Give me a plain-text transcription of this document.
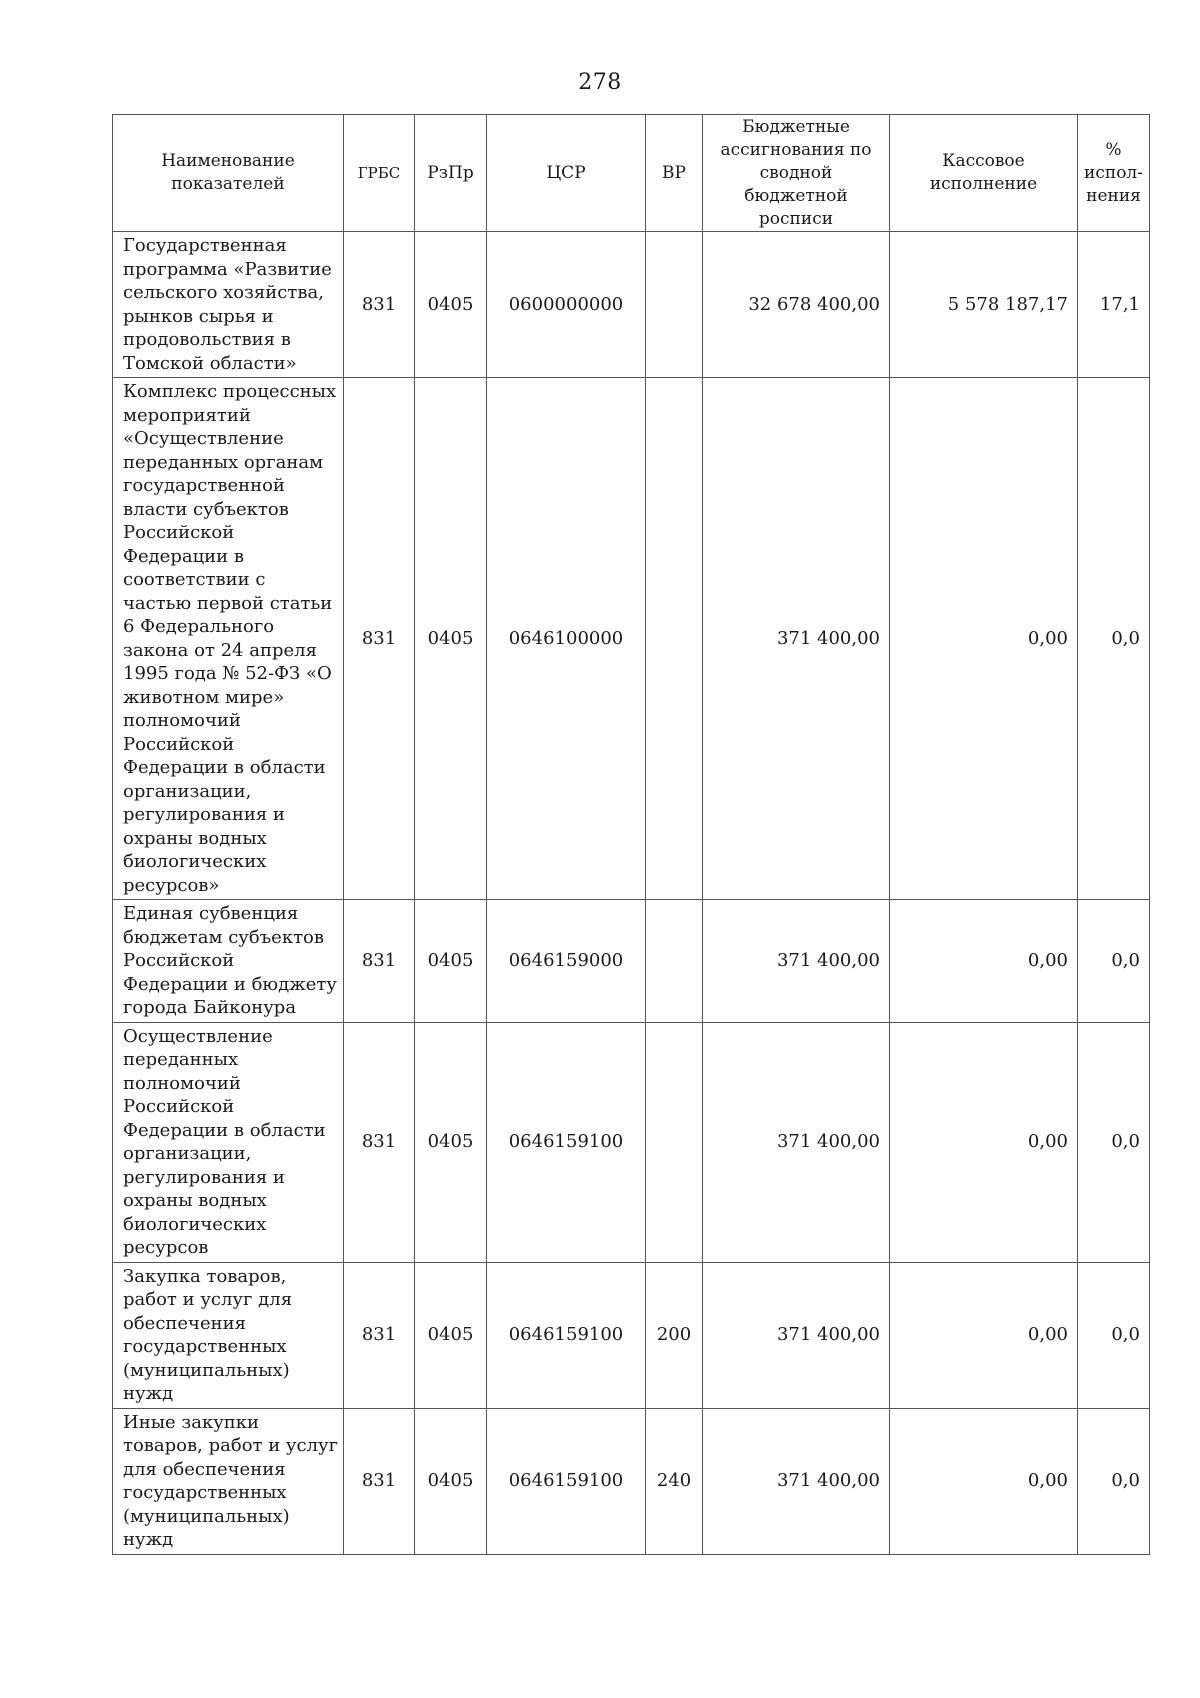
278
Наименование показателей	ГРБС	РзПр	ЦСР	ВР	Бюджетные ассигнования по сводной бюджетной росписи	Кассовое исполнение	% испол-нения
Государственная программа «Развитие сельского хозяйства, рынков сырья и продовольствия в Томской области»	831	0405	0600000000		32 678 400,00	5 578 187,17	17,1
Комплекс процессных мероприятий «Осуществление переданных органам государственной власти субъектов Российской Федерации в соответствии с частью первой статьи 6 Федерального закона от 24 апреля 1995 года № 52-ФЗ «О животном мире» полномочий Российской Федерации в области организации, регулирования и охраны водных биологических ресурсов»	831	0405	0646100000		371 400,00	0,00	0,0
Единая субвенция бюджетам субъектов Российской Федерации и бюджету города Байконура	831	0405	0646159000		371 400,00	0,00	0,0
Осуществление переданных полномочий Российской Федерации в области организации, регулирования и охраны водных биологических ресурсов	831	0405	0646159100		371 400,00	0,00	0,0
Закупка товаров, работ и услуг для обеспечения государственных (муниципальных) нужд	831	0405	0646159100	200	371 400,00	0,00	0,0
Иные закупки товаров, работ и услуг для обеспечения государственных (муниципальных) нужд	831	0405	0646159100	240	371 400,00	0,00	0,0
